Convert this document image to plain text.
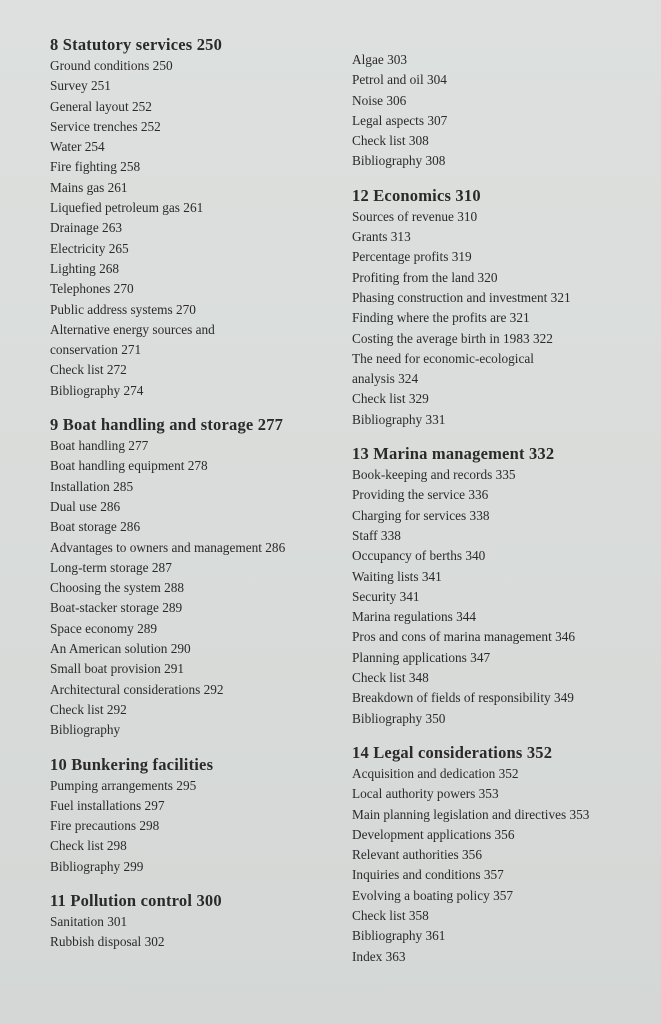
8 Statutory services 250
Ground conditions 250
Survey 251
General layout 252
Service trenches 252
Water 254
Fire fighting 258
Mains gas 261
Liquefied petroleum gas 261
Drainage 263
Electricity 265
Lighting 268
Telephones 270
Public address systems 270
Alternative energy sources and
conservation 271
Check list 272
Bibliography 274
9 Boat handling and storage 277
Boat handling 277
Boat handling equipment 278
Installation 285
Dual use 286
Boat storage 286
Advantages to owners and management 286
Long-term storage 287
Choosing the system 288
Boat-stacker storage 289
Space economy 289
An American solution 290
Small boat provision 291
Architectural considerations 292
Check list 292
Bibliography
10 Bunkering facilities
Pumping arrangements 295
Fuel installations 297
Fire precautions 298
Check list 298
Bibliography 299
11 Pollution control 300
Sanitation 301
Rubbish disposal 302
Algae 303
Petrol and oil 304
Noise 306
Legal aspects 307
Check list 308
Bibliography 308
12 Economics 310
Sources of revenue 310
Grants 313
Percentage profits 319
Profiting from the land 320
Phasing construction and investment 321
Finding where the profits are 321
Costing the average birth in 1983 322
The need for economic-ecological
analysis 324
Check list 329
Bibliography 331
13 Marina management 332
Book-keeping and records 335
Providing the service 336
Charging for services 338
Staff 338
Occupancy of berths 340
Waiting lists 341
Security 341
Marina regulations 344
Pros and cons of marina management 346
Planning applications 347
Check list 348
Breakdown of fields of responsibility 349
Bibliography 350
14 Legal considerations 352
Acquisition and dedication 352
Local authority powers 353
Main planning legislation and directives 353
Development applications 356
Relevant authorities 356
Inquiries and conditions 357
Evolving a boating policy 357
Check list 358
Bibliography 361
Index 363
